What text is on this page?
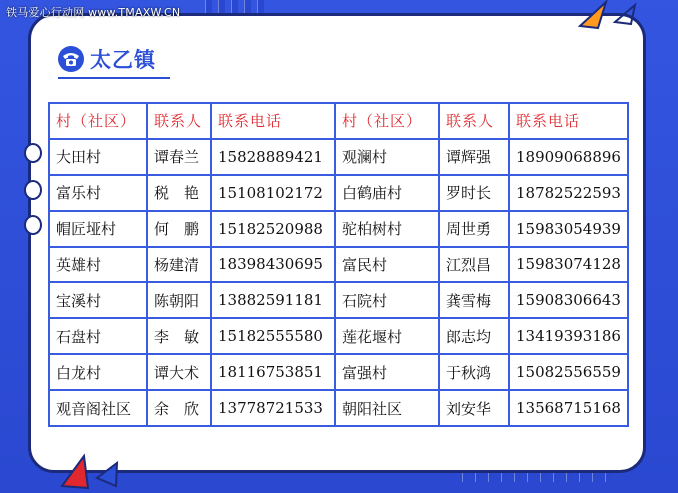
铁马爱心行动网 www.TMAXW.CN
太乙镇
村（社区）	联系人	联系电话	村（社区）	联系人	联系电话
大田村	谭春兰	15828889421	观澜村	谭辉强	18909068896
富乐村	税　艳	15108102172	白鹤庙村	罗时长	18782522593
帽匠垭村	何　鹏	15182520988	驼柏树村	周世勇	15983054939
英雄村	杨建清	18398430695	富民村	江烈昌	15983074128
宝溪村	陈朝阳	13882591181	石院村	龚雪梅	15908306643
石盘村	李　敏	15182555580	莲花堰村	郎志均	13419393186
白龙村	谭大术	18116753851	富强村	于秋鸿	15082556559
观音阁社区	余　欣	13778721533	朝阳社区	刘安华	13568715168
